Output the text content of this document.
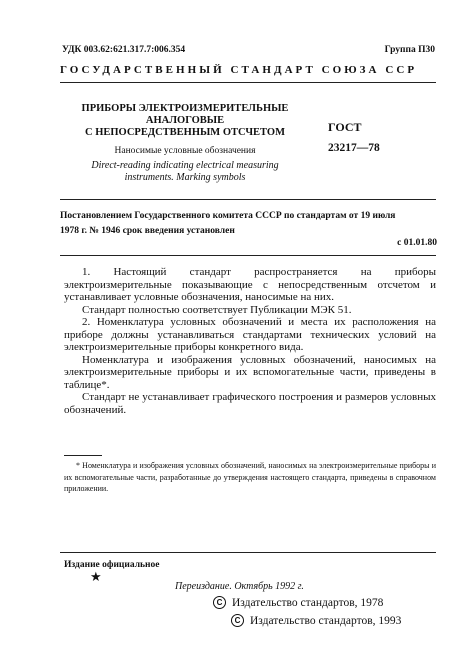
УДК 003.62:621.317.7:006.354	Группа П30
ГОСУДАРСТВЕННЫЙ СТАНДАРТ СОЮЗА ССР
ПРИБОРЫ ЭЛЕКТРОИЗМЕРИТЕЛЬНЫЕ
АНАЛОГОВЫЕ
С НЕПОСРЕДСТВЕННЫМ ОТСЧЕТОМ
Наносимые условные обозначения
Direct-reading indicating electrical measuring
instruments. Marking symbols
ГОСТ
23217—78
Постановлением Государственного комитета СССР по стандартам от 19 июля
1978 г. № 1946 срок введения установлен
с 01.01.80

1. Настоящий стандарт распространяется на приборы электроизмерительные показывающие с непосредственным отсчетом и устанавливает условные обозначения, наносимые на них.

Стандарт полностью соответствует Публикации МЭК 51.

2. Номенклатура условных обозначений и места их расположения на приборе должны устанавливаться стандартами технических условий на электроизмерительные приборы конкретного вида.

Номенклатура и изображения условных обозначений, наносимых на электроизмерительные приборы и их вспомогательные части, приведены в таблице*.

Стандарт не устанавливает графического построения и размеров условных обозначений.

* Номенклатура и изображения условных обозначений, наносимых на электроизмерительные приборы и их вспомогательные части, разработанные до утверждения настоящего стандарта, приведены в справочном приложении.

Издание официальное
★
Переиздание. Октябрь 1992 г.
C Издательство стандартов, 1978
C Издательство стандартов, 1993
